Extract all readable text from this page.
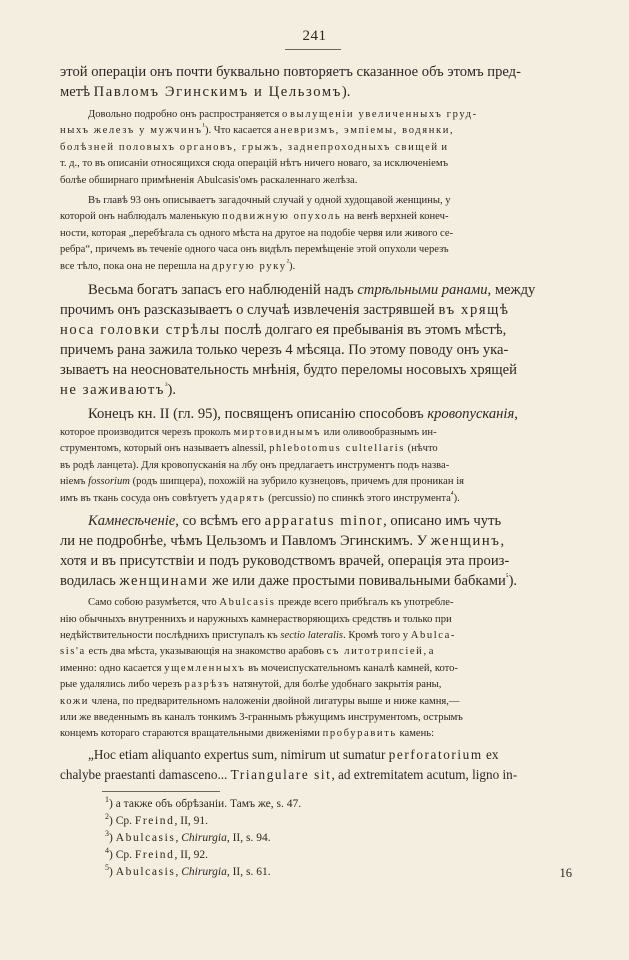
241

этой операціи онъ почти буквально повторяетъ сказанное объ этомъ пред-
метѣ Павломъ Эгинскимъ и Цельзомъ).

Довольно подробно онъ распространяется о вылущеніи увеличенныхъ груд-
ныхъ железъ у мужчинъ$^{^1}$). Что касается аневризмъ, эмпіемы, водянки,
болѣзней половыхъ органовъ, грыжъ, заднепроходныхъ свищей и
т. д., то въ описаніи относящихся сюда операцій нѣтъ ничего новаго, за исключеніемъ
болѣе обширнаго примѣненія Abulcasis'омъ раскаленнаго желѣза.

Въ главѣ 93 онъ описываетъ загадочный случай у одной худощавой женщины, у
которой онъ наблюдалъ маленькую подвижную опухоль на венѣ верхней конеч-
ности, которая „перебѣгала съ одного мѣста на другое на подобіе червя или живого се-
ребра“, причемъ въ теченіе одного часа онъ видѣлъ перемѣщеніе этой опухоли черезъ
все тѣло, пока она не перешла на другую руку$^{^2}$).

Весьма богатъ запасъ его наблюденій надъ стрѣльными ранами, между
прочимъ онъ разсказываетъ о случаѣ извлеченія застрявшей въ хрящѣ
носа головки стрѣлы послѣ долгаго ея пребыванія въ этомъ мѣстѣ,
причемъ рана зажила только черезъ 4 мѣсяца. По этому поводу онъ ука-
зываетъ на неосновательность мнѣнія, будто переломы носовыхъ хрящей
не заживаютъ$^{^3}$).

Конецъ кн. II (гл. 95), посвященъ описанію способовъ кровопусканія,

которое производится черезъ проколъ миртовиднымъ или оливообразнымъ ин-
струментомъ, который онъ называетъ alnessil, phlebotomus cultellaris (нѣчто
въ родѣ ланцета). Для кровопусканія на лбу онъ предлагаетъ инструментъ подъ назва-
ніемъ fossorium (родъ шипцера), похожій на зубрило кузнецовъ, причемъ для проникан ія
имъ въ ткань сосуда онъ совѣтуетъ ударять (percussio) по спинкѣ этого инструмента$^{^4}$).

Камнесѣченіе, со всѣмъ его apparatus minor, описано имъ чуть
ли не подробнѣе, чѣмъ Цельзомъ и Павломъ Эгинскимъ. У женщинъ,
хотя и въ присутствіи и подъ руководствомъ врачей, операція эта произ-
водилась женщинами же или даже простыми повивальными бабками$^{^5}$).

Само собою разумѣется, что Abulcasis прежде всего прибѣгалъ къ употребле-
нію обычныхъ внутреннихъ и наружныхъ камнерастворяющихъ средствъ и только при
недѣйствительности послѣднихъ приступалъ къ sectio lateralis. Кромѣ того у Abulca-
sis'а есть два мѣста, указывающія на знакомство арабовъ съ литотрипсіей, а
именно: одно касается ущемленныхъ въ мочеиспускательномъ каналѣ камней, кото-
рые удалялись либо черезъ разрѣзъ натянутой, для болѣе удобнаго закрытія раны,
кожи члена, по предварительномъ наложеніи двойной лигатуры выше и ниже камня,—
или же введеннымъ въ каналъ тонкимъ 3-граннымъ рѣжущимъ инструментомъ, острымъ
концемъ котораго стараются вращательными движеніями пробуравить камень:

„Hoc etiam aliquanto expertus sum, nimirum ut sumatur perforatorium ex
chalybe praestanti damasceno... Triangulare sit, ad extremitatem acutum, ligno in-

$^1$) а также объ обрѣзаніи. Тамъ же, s. 47.
$^2$) Cp. Freind, II, 91.
$^3$) Abulcasis, Chirurgia, II, s. 94.
$^4$) Cp. Freind, II, 92.
$^5$) Abulcasis, Chirurgia, II, s. 61.	16
